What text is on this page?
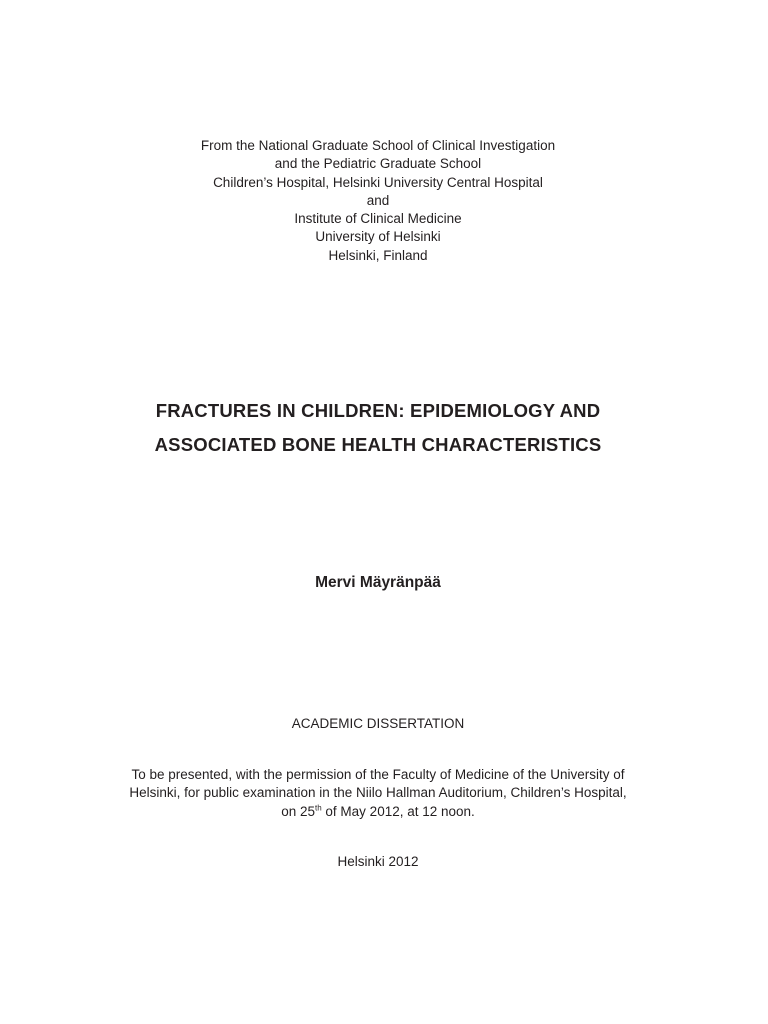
From the National Graduate School of Clinical Investigation
and the Pediatric Graduate School
Children’s Hospital, Helsinki University Central Hospital
and
Institute of Clinical Medicine
University of Helsinki
Helsinki, Finland
FRACTURES IN CHILDREN: EPIDEMIOLOGY AND
ASSOCIATED BONE HEALTH CHARACTERISTICS
Mervi Mäyränpää
ACADEMIC DISSERTATION
To be presented, with the permission of the Faculty of Medicine of the University of
Helsinki, for public examination in the Niilo Hallman Auditorium, Children’s Hospital,
on 25th of May 2012, at 12 noon.
Helsinki 2012
